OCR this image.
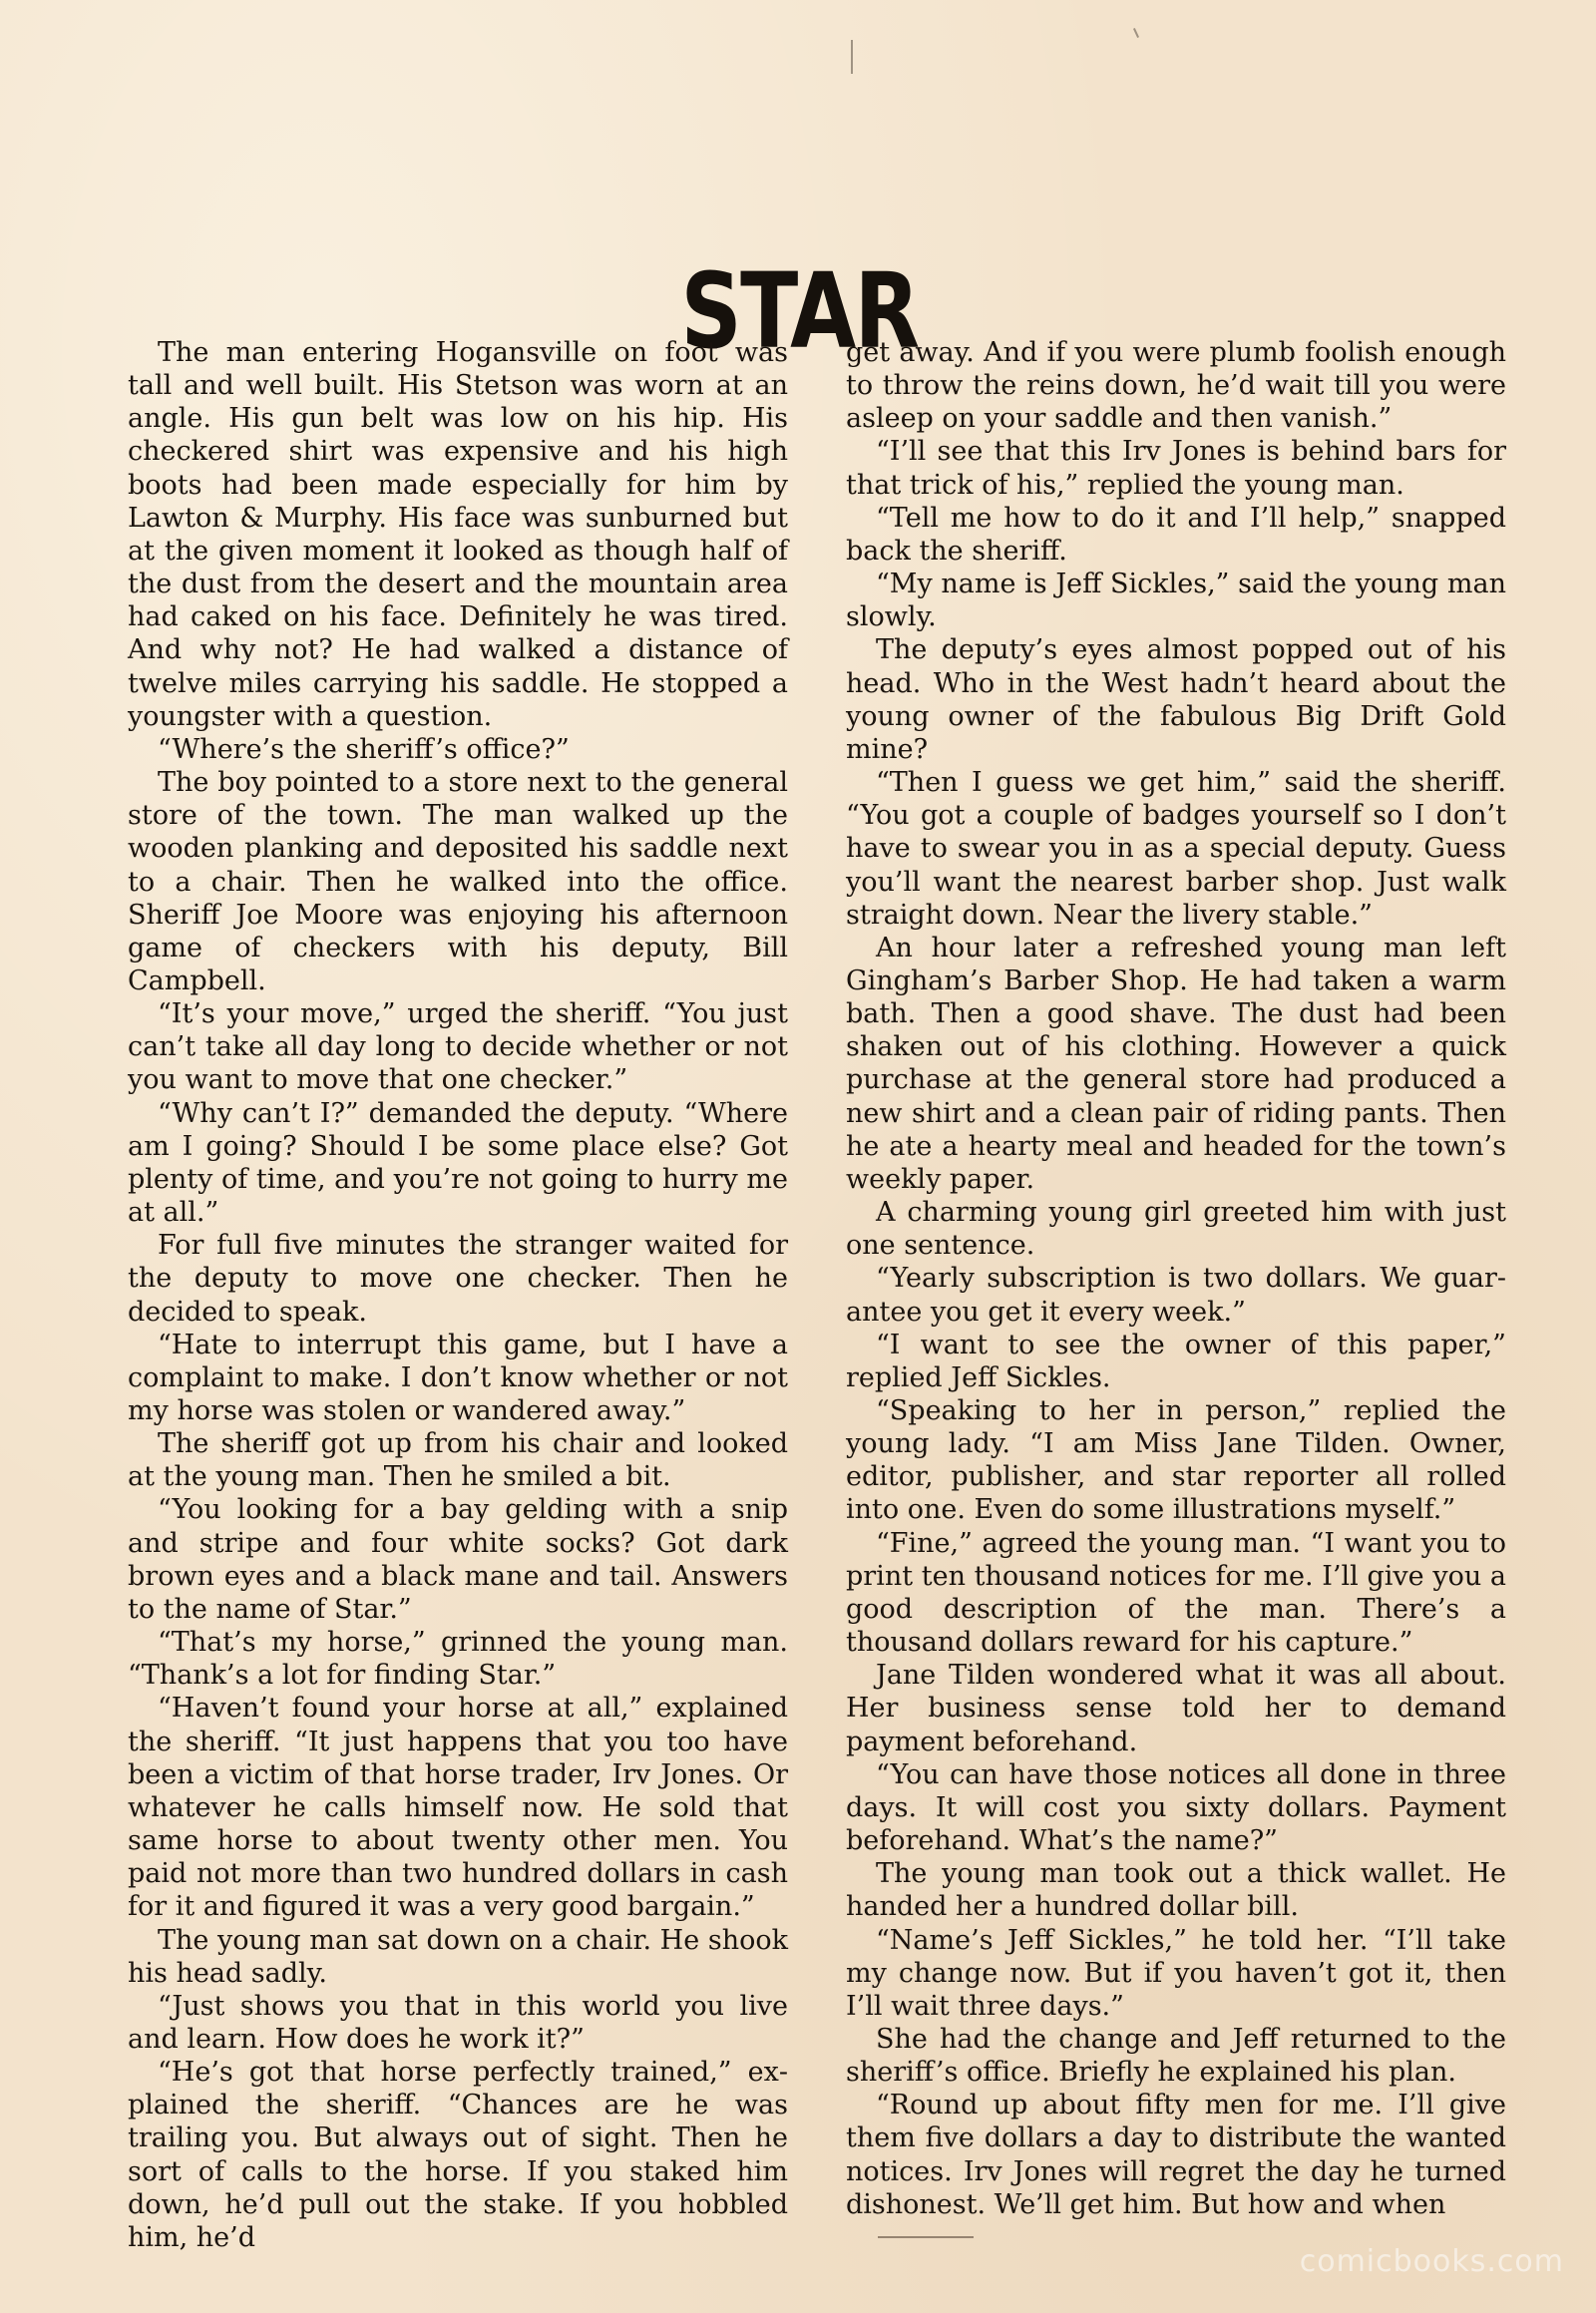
STAR

The man entering Hogansville on foot was tall and well built. His Stetson was worn at an angle. His gun belt was low on his hip. His checkered shirt was expensive and his high boots had been made especially for him by Lawton & Murphy. His face was sunburned but at the given moment it looked as though half of the dust from the desert and the mountain area had caked on his face. Definitely he was tired. And why not? He had walked a distance of twelve miles carrying his saddle. He stopped a youngster with a question.

“Where’s the sheriff’s office?”

The boy pointed to a store next to the general store of the town. The man walked up the wooden planking and deposited his saddle next to a chair. Then he walked into the office. Sheriff Joe Moore was enjoying his afternoon game of checkers with his deputy, Bill Campbell.

“It’s your move,” urged the sheriff. “You just can’t take all day long to decide whether or not you want to move that one checker.”

“Why can’t I?” demanded the deputy. “Where am I going? Should I be some place else? Got plenty of time, and you’re not going to hurry me at all.”

For full five minutes the stranger waited for the deputy to move one checker. Then he decided to speak.

“Hate to interrupt this game, but I have a complaint to make. I don’t know whether or not my horse was stolen or wandered away.”

The sheriff got up from his chair and looked at the young man. Then he smiled a bit.

“You looking for a bay gelding with a snip and stripe and four white socks? Got dark brown eyes and a black mane and tail. Answers to the name of Star.”

“That’s my horse,” grinned the young man. “Thank’s a lot for finding Star.”

“Haven’t found your horse at all,” explained the sheriff. “It just happens that you too have been a victim of that horse trader, Irv Jones. Or whatever he calls himself now. He sold that same horse to about twenty other men. You paid not more than two hundred dollars in cash for it and figured it was a very good bargain.”

The young man sat down on a chair. He shook his head sadly.

“Just shows you that in this world you live and learn. How does he work it?”

“He’s got that horse perfectly trained,” explained the sheriff. “Chances are he was trailing you. But always out of sight. Then he sort of calls to the horse. If you staked him down, he’d pull out the stake. If you hobbled him, he’d

get away. And if you were plumb foolish enough to throw the reins down, he’d wait till you were asleep on your saddle and then vanish.”

“I’ll see that this Irv Jones is behind bars for that trick of his,” replied the young man.

“Tell me how to do it and I’ll help,” snapped back the sheriff.

“My name is Jeff Sickles,” said the young man slowly.

The deputy’s eyes almost popped out of his head. Who in the West hadn’t heard about the young owner of the fabulous Big Drift Gold mine?

“Then I guess we get him,” said the sheriff. “You got a couple of badges yourself so I don’t have to swear you in as a special deputy. Guess you’ll want the nearest barber shop. Just walk straight down. Near the livery stable.”

An hour later a refreshed young man left Gingham’s Barber Shop. He had taken a warm bath. Then a good shave. The dust had been shaken out of his clothing. However a quick purchase at the general store had produced a new shirt and a clean pair of riding pants. Then he ate a hearty meal and headed for the town’s weekly paper.

A charming young girl greeted him with just one sentence.

“Yearly subscription is two dollars. We guarantee you get it every week.”

“I want to see the owner of this paper,” replied Jeff Sickles.

“Speaking to her in person,” replied the young lady. “I am Miss Jane Tilden. Owner, editor, publisher, and star reporter all rolled into one. Even do some illustrations myself.”

“Fine,” agreed the young man. “I want you to print ten thousand notices for me. I’ll give you a good description of the man. There’s a thousand dollars reward for his capture.”

Jane Tilden wondered what it was all about. Her business sense told her to demand payment beforehand.

“You can have those notices all done in three days. It will cost you sixty dollars. Payment beforehand. What’s the name?”

The young man took out a thick wallet. He handed her a hundred dollar bill.

“Name’s Jeff Sickles,” he told her. “I’ll take my change now. But if you haven’t got it, then I’ll wait three days.”

She had the change and Jeff returned to the sheriff’s office. Briefly he explained his plan.

“Round up about fifty men for me. I’ll give them five dollars a day to distribute the wanted notices. Irv Jones will regret the day he turned dishonest. We’ll get him. But how and when

comicbooks.com
